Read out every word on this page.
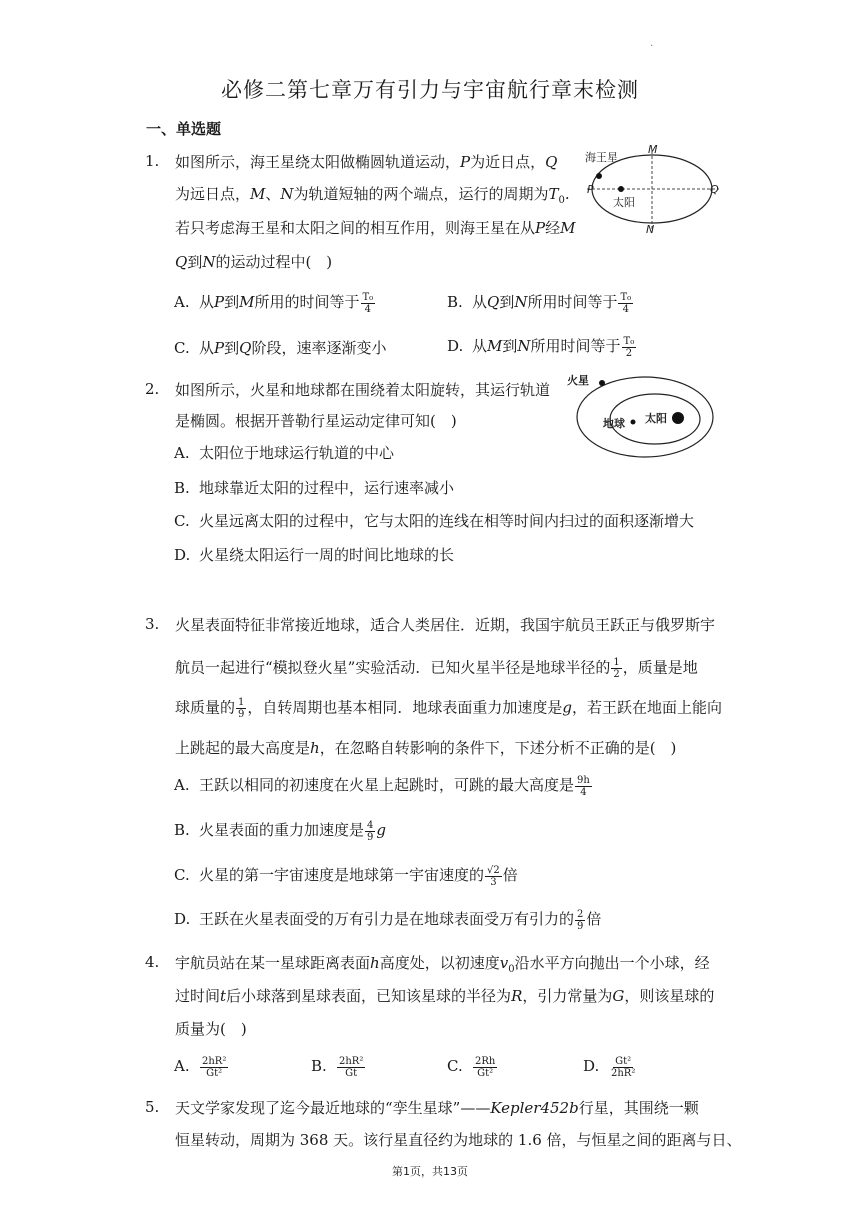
.
必修二第七章万有引力与宇宙航行章末检测
一、单选题
1. 如图所示，海王星绕太阳做椭圆轨道运动，P为近日点，Q
为远日点，M、N为轨道短轴的两个端点，运行的周期为$T_0$.
若只考虑海王星和太阳之间的相互作用，则海王星在从P经M
Q到N的运动过程中(　)
海王星
太阳
M
N
P	Q
A. 从P到M所用的时间等于 $\frac{\text{T₀}}{4}$	B. 从Q到N所用时间等于 $\frac{\text{T₀}}{4}$
C. 从P到Q阶段，速率逐渐变小	D. 从M到N所用时间等于 $\frac{\text{T₀}}{2}$
2. 如图所示，火星和地球都在围绕着太阳旋转，其运行轨道
是椭圆。根据开普勒行星运动定律可知(　)
火星
地球 太阳
A. 太阳位于地球运行轨道的中心
B. 地球靠近太阳的过程中，运行速率减小
C. 火星远离太阳的过程中，它与太阳的连线在相等时间内扫过的面积逐渐增大
D. 火星绕太阳运行一周的时间比地球的长
3. 火星表面特征非常接近地球，适合人类居住．近期，我国宇航员王跃正与俄罗斯宇
航员一起进行“模拟登火星”实验活动．已知火星半径是地球半径的 $\frac{1}{2}$ ，质量是地
球质量的 $\frac{1}{9}$ ，自转周期也基本相同．地球表面重力加速度是g，若王跃在地面上能向
上跳起的最大高度是h，在忽略自转影响的条件下，下述分析不正确的是(　)
A. 王跃以相同的初速度在火星上起跳时，可跳的最大高度是 $\frac{9h}{4}$
B. 火星表面的重力加速度是 $\frac{4}{9}$ g
C. 火星的第一宇宙速度是地球第一宇宙速度的 $\frac{√2}{3}$ 倍
D. 王跃在火星表面受的万有引力是在地球表面受万有引力的 $\frac{2}{9}$ 倍
4. 宇航员站在某一星球距离表面h高度处，以初速度$v_0$沿水平方向抛出一个小球，经
过时间t后小球落到星球表面，已知该星球的半径为R，引力常量为G，则该星球的
质量为(　)
A. $\frac{\text{2hR²}}{\text{Gt²}}$	B. $\frac{\text{2hR²}}{Gt}$	C. $\frac{2Rh}{\text{Gt²}}$	D. $\frac{\text{Gt²}}{\text{2hR²}}$
5. 天文学家发现了迄今最近地球的“孪生星球”——Kepler452b行星，其围绕一颗
恒星转动，周期为 368 天。该行星直径约为地球的 1.6 倍，与恒星之间的距离与日、
第1页，共13页
